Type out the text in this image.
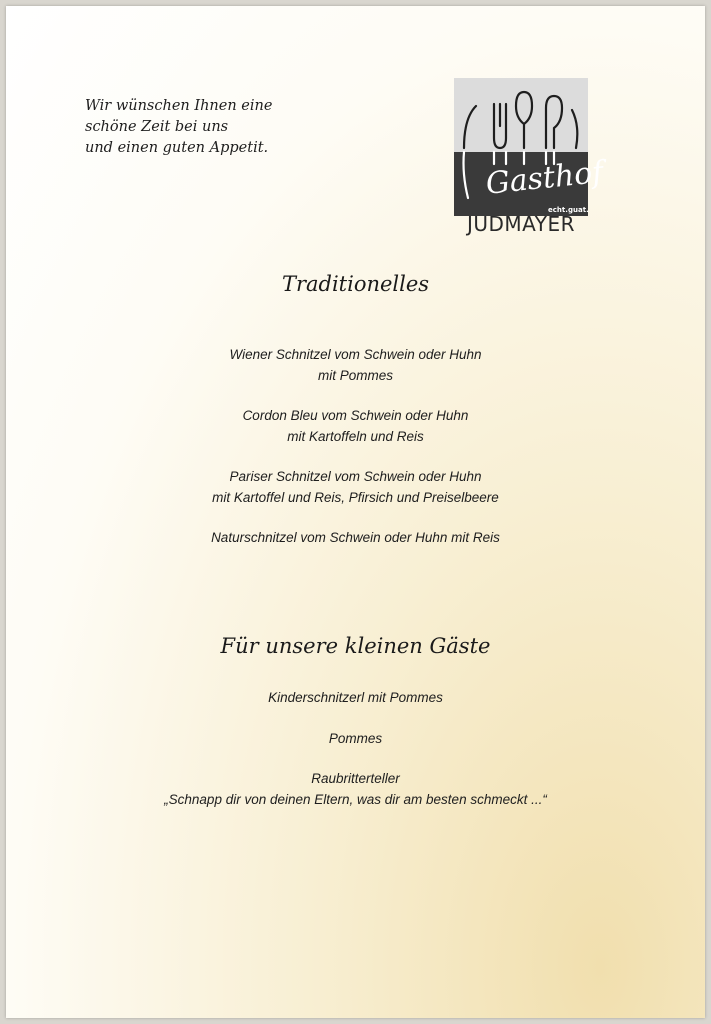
Wir wünschen Ihnen eine
schöne Zeit bei uns
und einen guten Appetit.
Gasthof
echt. guat.
JUDMAYER
Traditionelles
Wiener Schnitzel vom Schwein oder Huhn
mit Pommes
Cordon Bleu vom Schwein oder Huhn
mit Kartoffeln und Reis
Pariser Schnitzel vom Schwein oder Huhn
mit Kartoffel und Reis, Pfirsich und Preiselbeere
Naturschnitzel vom Schwein oder Huhn mit Reis
Für unsere kleinen Gäste
Kinderschnitzerl mit Pommes
Pommes
Raubritterteller
„Schnapp dir von deinen Eltern, was dir am besten schmeckt ...“
